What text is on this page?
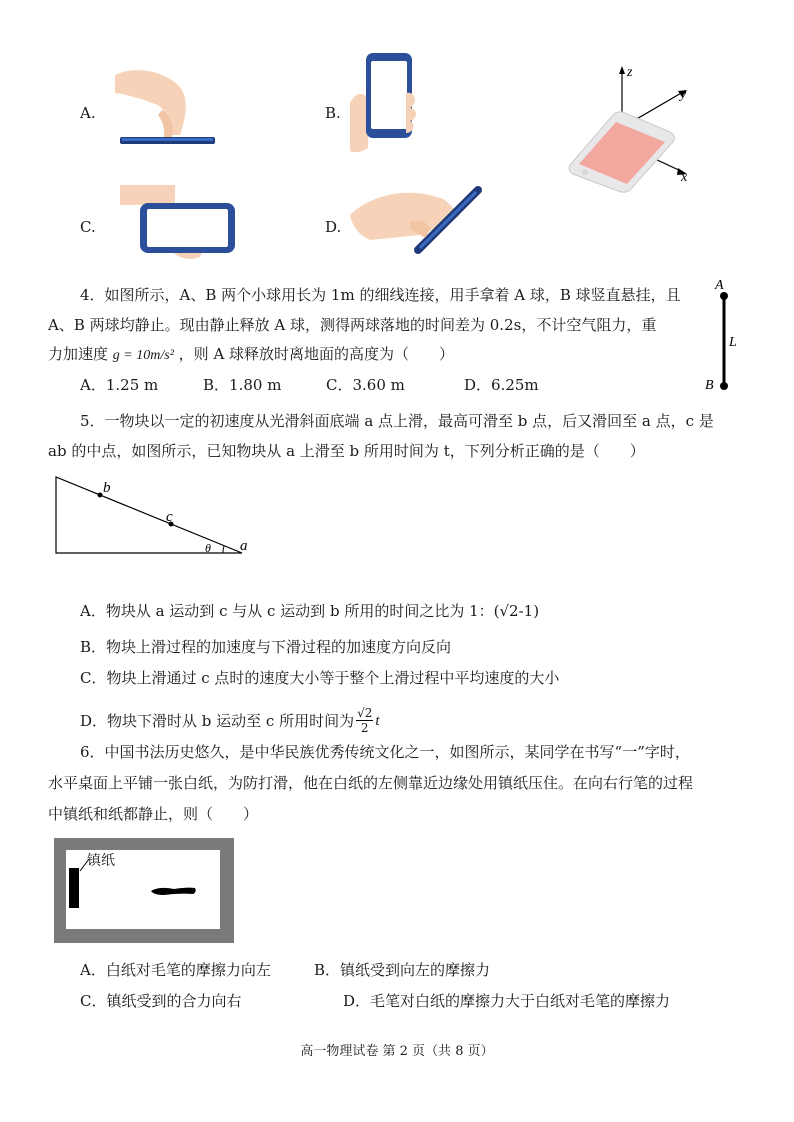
A.	B.
z
y
x
C.	D.
4．如图所示，A、B 两个小球用长为 1m 的细线连接，用手拿着 A 球，B 球竖直悬挂，且
A、B 两球均静止。现由静止释放 A 球，测得两球落地的时间差为 0.2s，不计空气阻力，重
力加速度 g = 10m/s² ，则 A 球释放时离地面的高度为（　　）
A．1.25 m	B．1.80 m	C．3.60 m	D．6.25m
A
L
B
5．一物块以一定的初速度从光滑斜面底端 a 点上滑，最高可滑至 b 点，后又滑回至 a 点，c 是
ab 的中点，如图所示，已知物块从 a 上滑至 b 所用时间为 t，下列分析正确的是（　　）
b
c
θ a
A．物块从 a 运动到 c 与从 c 运动到 b 所用的时间之比为 1：(√2-1)
B．物块上滑过程的加速度与下滑过程的加速度方向反向
C．物块上滑通过 c 点时的速度大小等于整个上滑过程中平均速度的大小
D．物块下滑时从 b 运动至 c 所用时间为 $\frac{√2}{2}$ t
6．中国书法历史悠久，是中华民族优秀传统文化之一，如图所示，某同学在书写“一”字时，
水平桌面上平铺一张白纸，为防打滑，他在白纸的左侧靠近边缘处用镇纸压住。在向右行笔的过程
中镇纸和纸都静止，则（　　）
镇纸
A．白纸对毛笔的摩擦力向左	B．镇纸受到向左的摩擦力
C．镇纸受到的合力向右	D．毛笔对白纸的摩擦力大于白纸对毛笔的摩擦力
高一物理试卷 第 2 页（共 8 页）
